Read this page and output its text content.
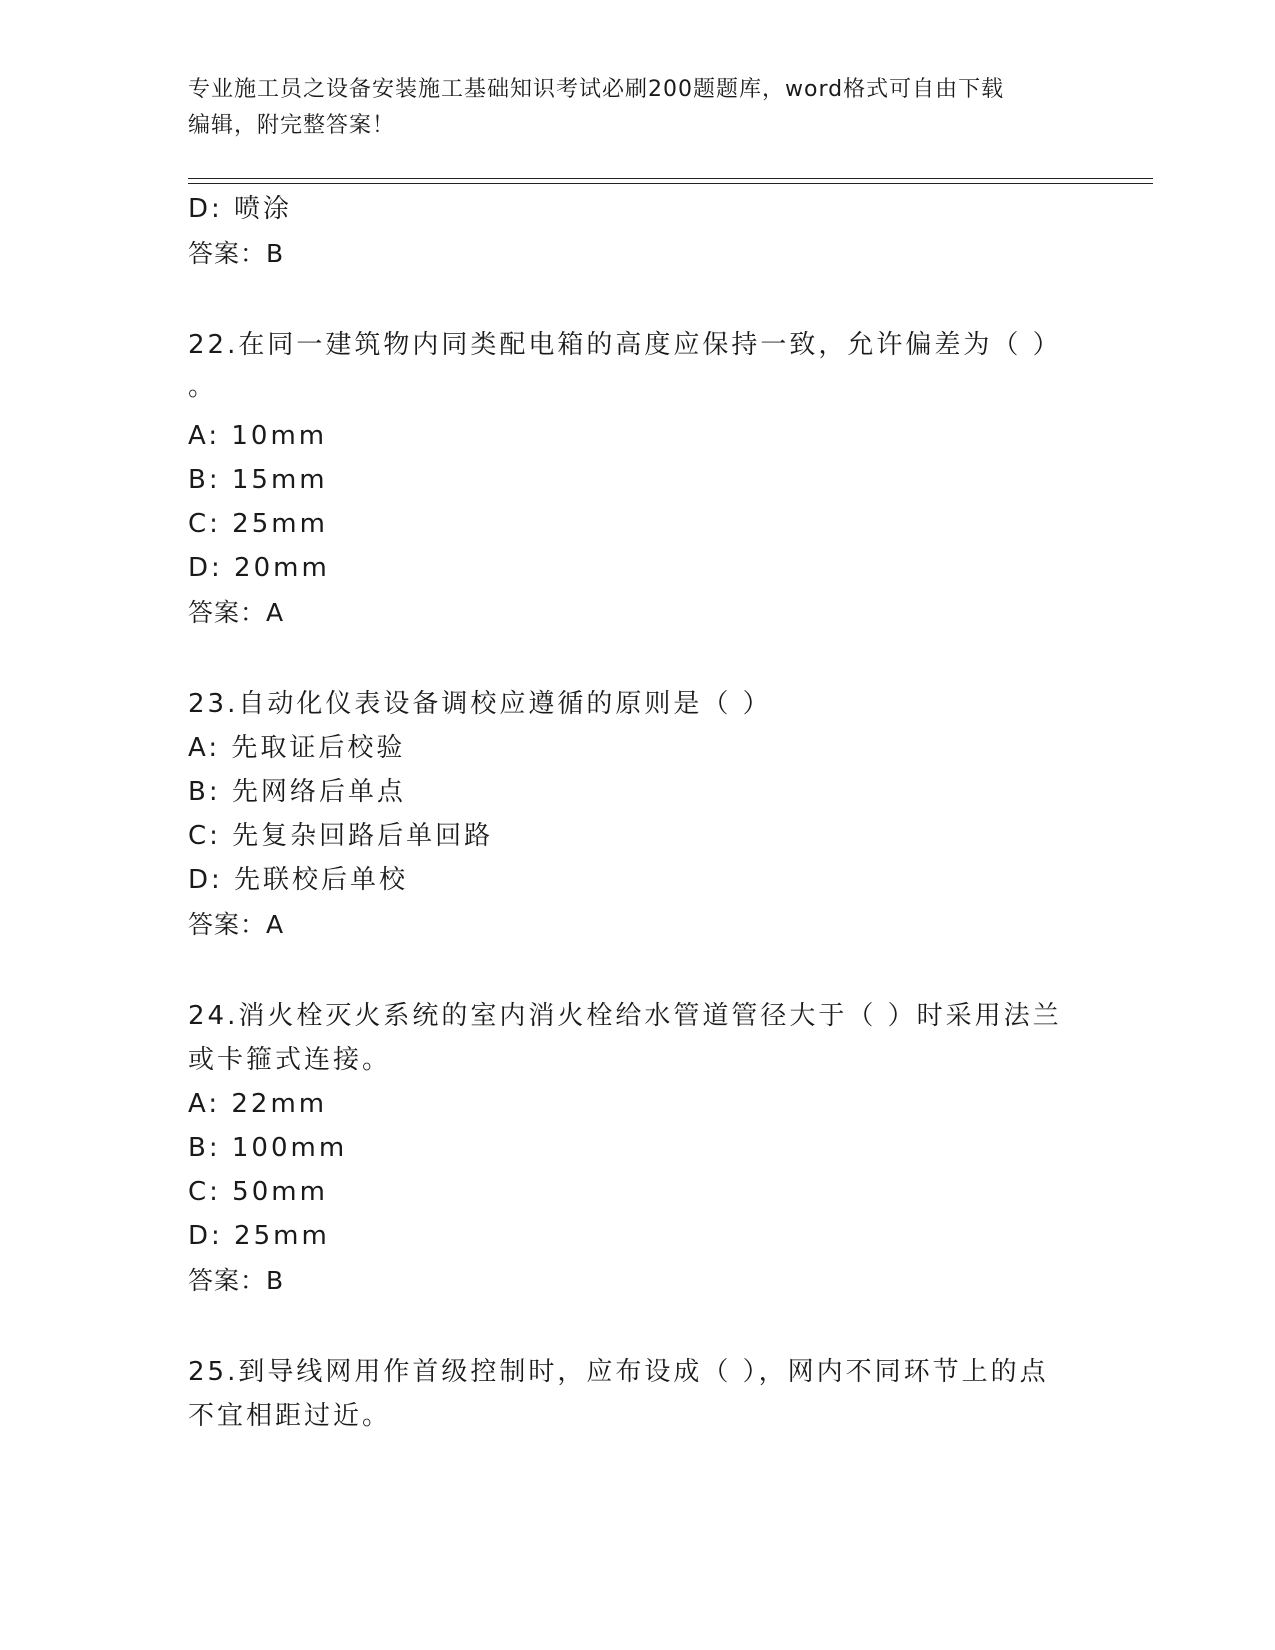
专业施工员之设备安装施工基础知识考试必刷200题题库，word格式可自由下载
编辑，附完整答案！
D: 喷涂
答案：B
22.在同一建筑物内同类配电箱的高度应保持一致，允许偏差为（ ）
。
A: 10mm
B: 15mm
C: 25mm
D: 20mm
答案：A
23.自动化仪表设备调校应遵循的原则是（ ）
A: 先取证后校验
B: 先网络后单点
C: 先复杂回路后单回路
D: 先联校后单校
答案：A
24.消火栓灭火系统的室内消火栓给水管道管径大于（ ）时采用法兰
或卡箍式连接。
A: 22mm
B: 100mm
C: 50mm
D: 25mm
答案：B
25.到导线网用作首级控制时，应布设成（ ），网内不同环节上的点
不宜相距过近。
